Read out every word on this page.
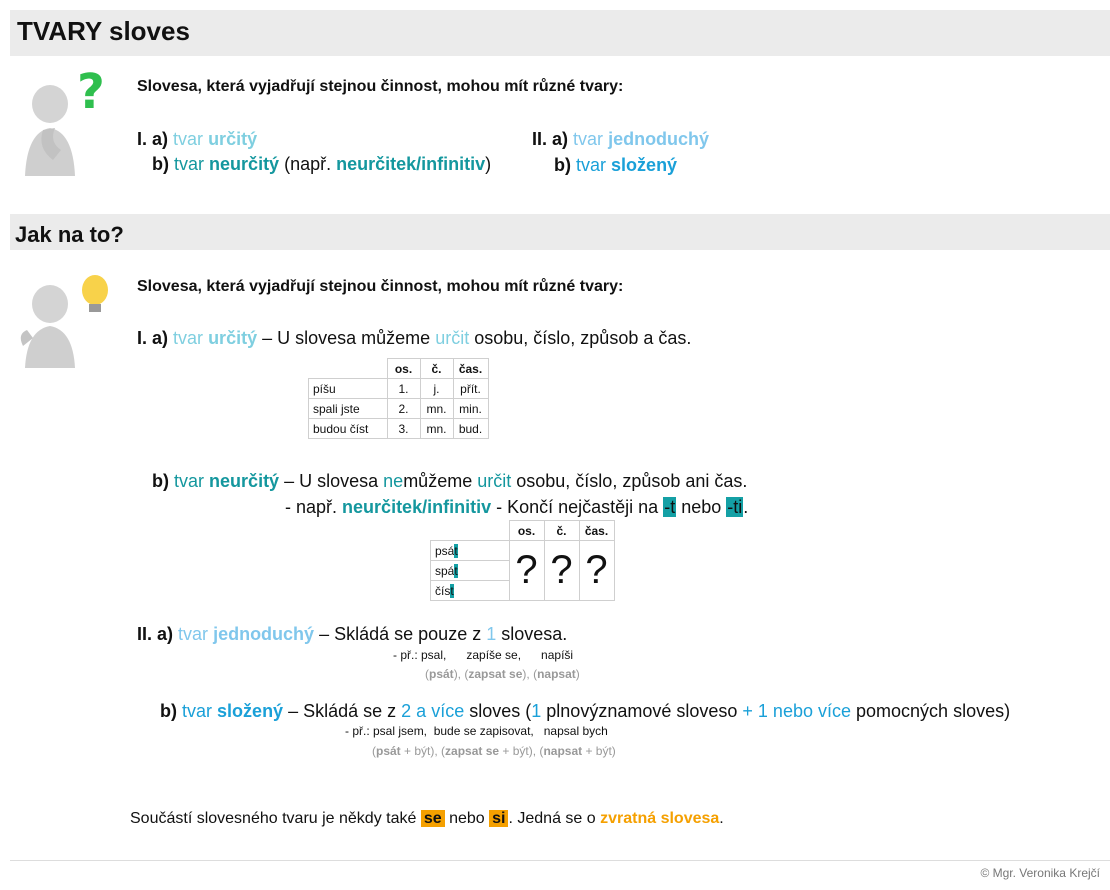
TVARY sloves
? Slovesa, která vyjadřují stejnou činnost, mohou mít různé tvary:
I. a) tvar určitý
b) tvar neurčitý (např. neurčitek/infinitiv)
II. a) tvar jednoduchý
b) tvar složený
Jak na to?
Slovesa, která vyjadřují stejnou činnost, mohou mít různé tvary:
I. a) tvar určitý – U slovesa můžeme určit osobu, číslo, způsob a čas.
	os.	č.	čas.
píšu	1.	j.	přít.
spali jste	2.	mn.	min.
budou číst	3.	mn.	bud.
b) tvar neurčitý – U slovesa nemůžeme určit osobu, číslo, způsob ani čas.
- např. neurčitek/infinitiv - Končí nejčastěji na -t nebo -ti.
	os.	č.	čas.
psát	?	?	?
spát			
číst			
II. a) tvar jednoduchý – Skládá se pouze z 1 slovesa.
- př.: psal,      zapíše se,      napíši
(psát), (zapsat se), (napsat)
b) tvar složený – Skládá se z 2 a více sloves (1 plnovýznamové sloveso + 1 nebo více pomocných sloves)
- př.: psal jsem,  bude se zapisovat,   napsal bych
(psát + být), (zapsat se + být), (napsat + být)
Součástí slovesného tvaru je někdy také se nebo si . Jedná se o zvratná slovesa.
© Mgr. Veronika Krejčí
